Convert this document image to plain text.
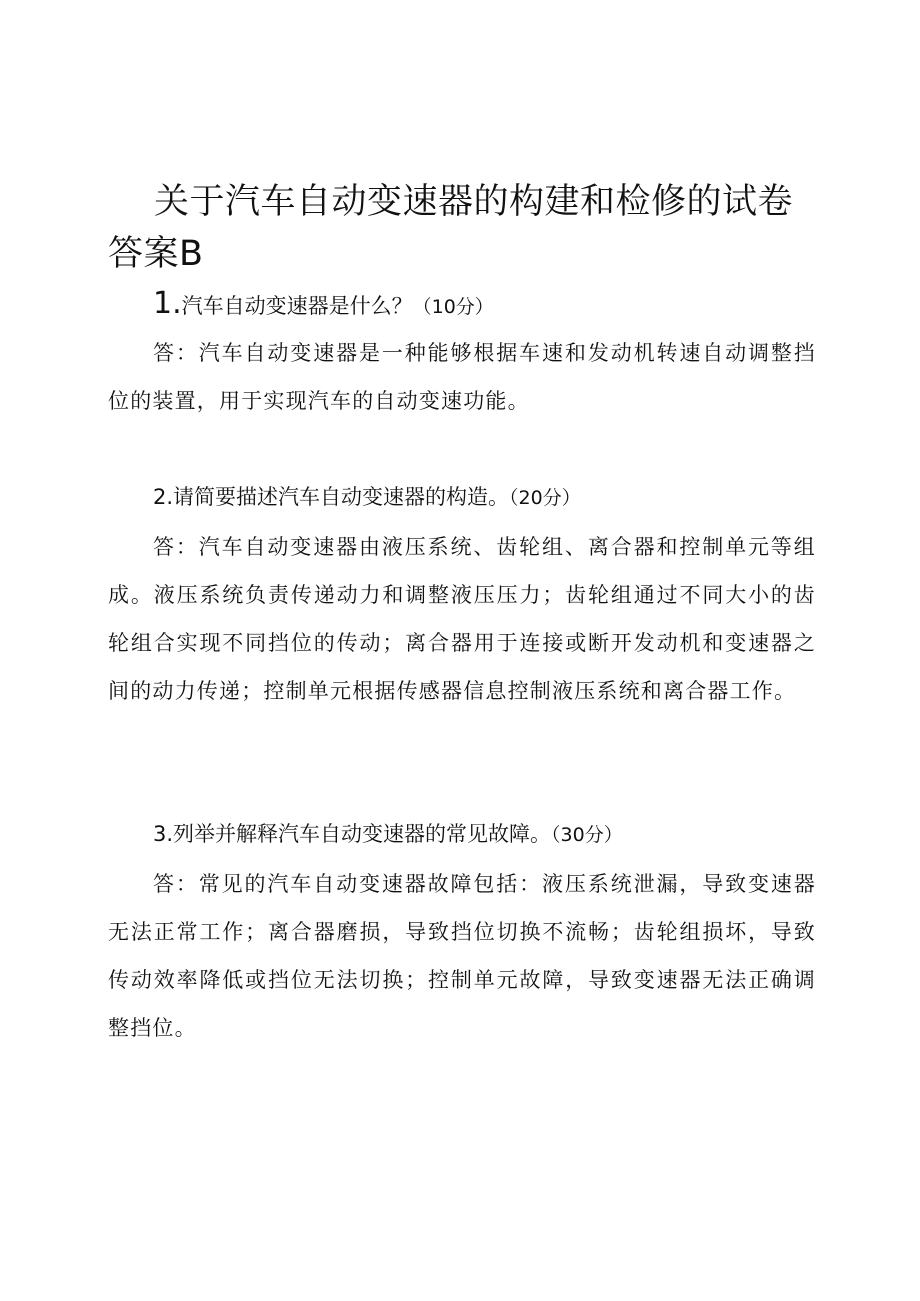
关于汽车自动变速器的构建和检修的试卷答案B

1.汽车自动变速器是什么？（10分）

答：汽车自动变速器是一种能够根据车速和发动机转速自动调整挡位的装置，用于实现汽车的自动变速功能。

2.请简要描述汽车自动变速器的构造。（20分）

答：汽车自动变速器由液压系统、齿轮组、离合器和控制单元等组成。液压系统负责传递动力和调整液压压力；齿轮组通过不同大小的齿轮组合实现不同挡位的传动；离合器用于连接或断开发动机和变速器之间的动力传递；控制单元根据传感器信息控制液压系统和离合器工作。

3.列举并解释汽车自动变速器的常见故障。（30分）

答：常见的汽车自动变速器故障包括：液压系统泄漏，导致变速器无法正常工作；离合器磨损，导致挡位切换不流畅；齿轮组损坏，导致传动效率降低或挡位无法切换；控制单元故障，导致变速器无法正确调整挡位。
